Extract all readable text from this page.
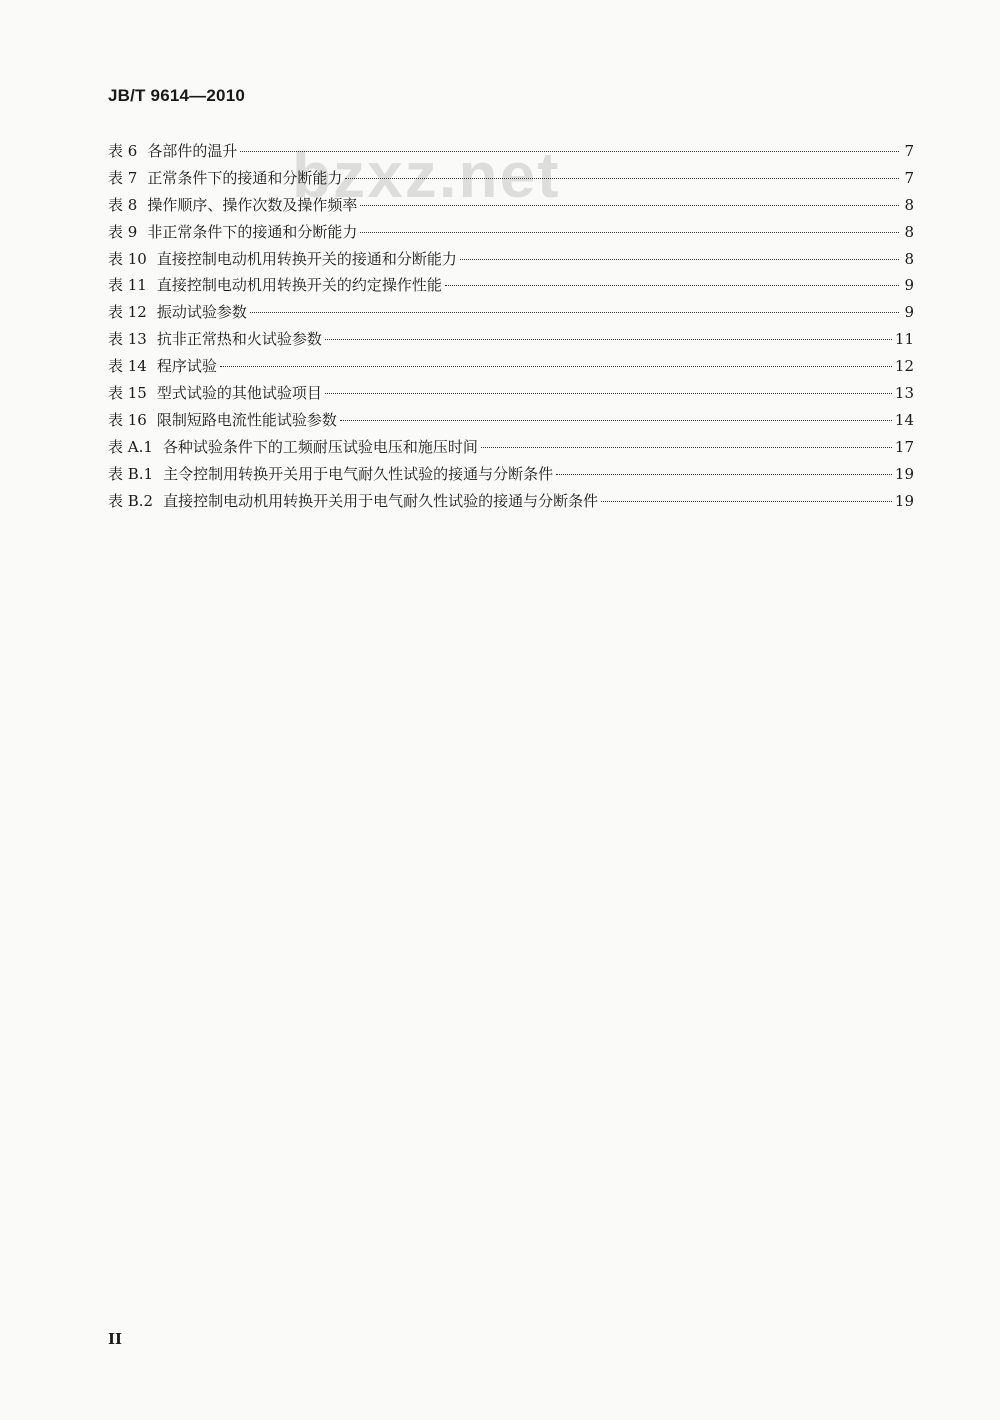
JB/T 9614—2010
bzxz.net
表 6 各部件的温升	7
表 7 正常条件下的接通和分断能力	7
表 8 操作顺序、操作次数及操作频率	8
表 9 非正常条件下的接通和分断能力	8
表 10 直接控制电动机用转换开关的接通和分断能力	8
表 11 直接控制电动机用转换开关的约定操作性能	9
表 12 振动试验参数	9
表 13 抗非正常热和火试验参数	11
表 14 程序试验	12
表 15 型式试验的其他试验项目	13
表 16 限制短路电流性能试验参数	14
表 A.1 各种试验条件下的工频耐压试验电压和施压时间	17
表 B.1 主令控制用转换开关用于电气耐久性试验的接通与分断条件	19
表 B.2 直接控制电动机用转换开关用于电气耐久性试验的接通与分断条件	19
II
